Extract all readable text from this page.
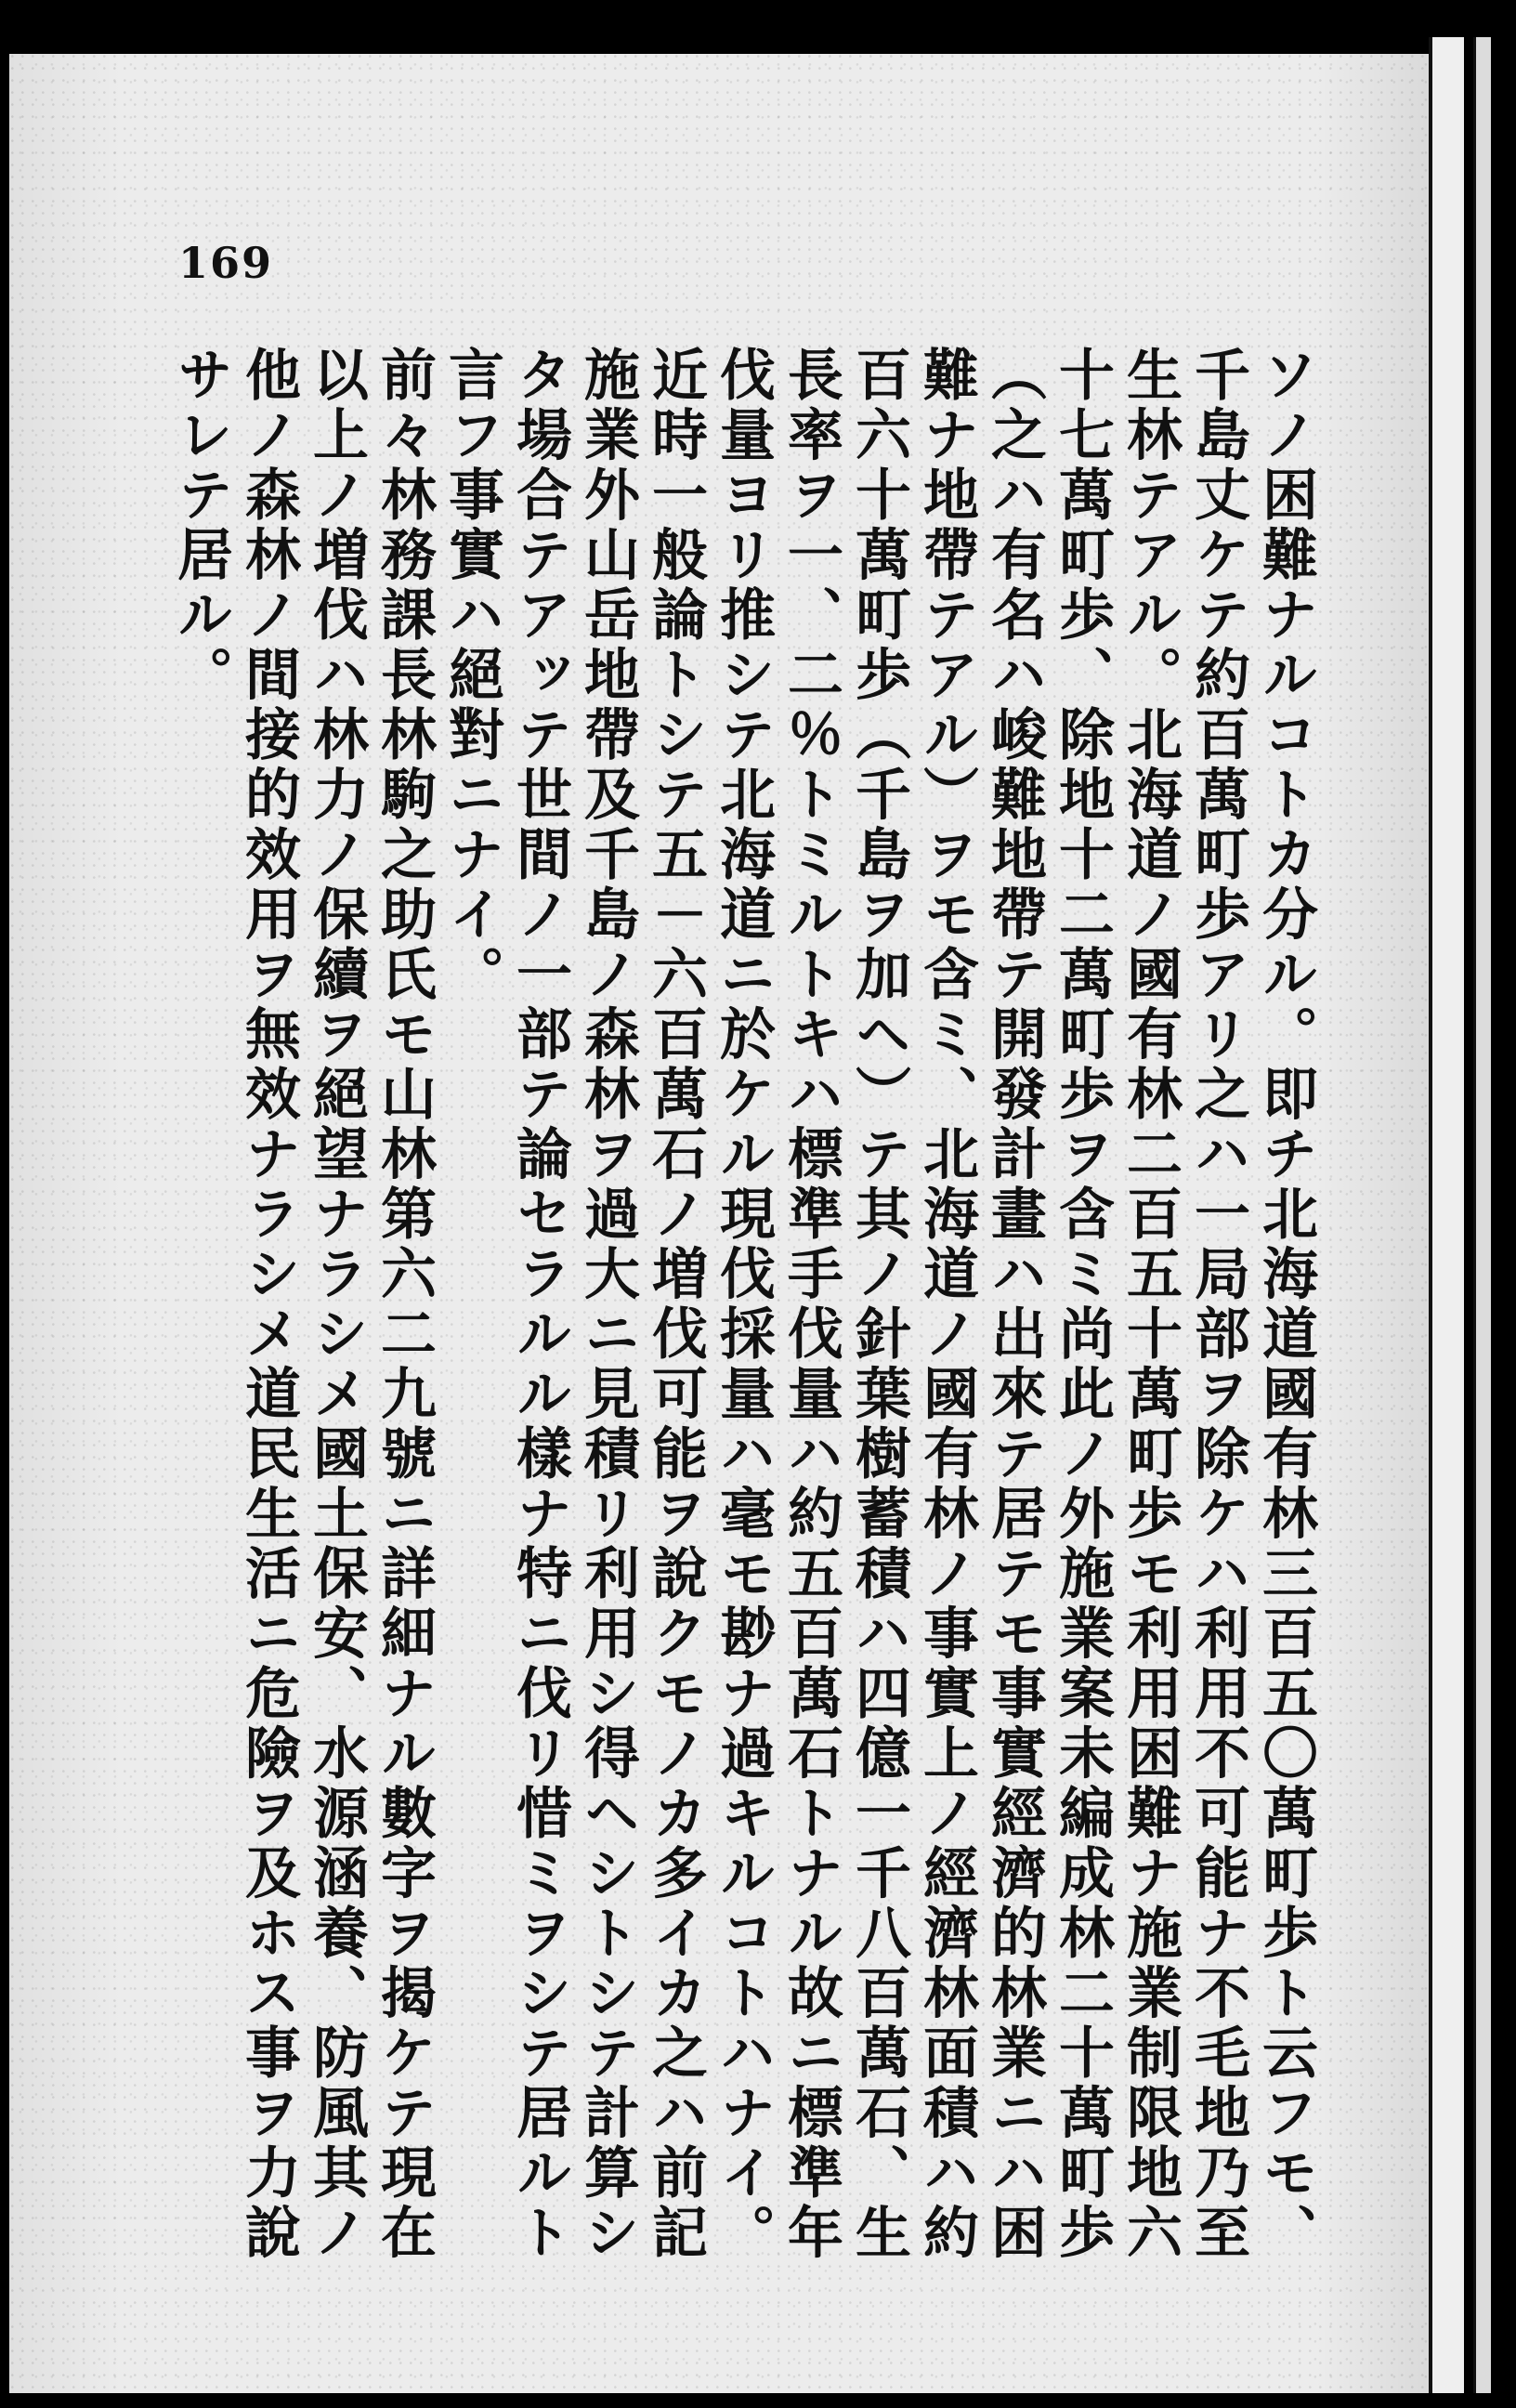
169
ソノ困難ナルコトカ分ル。即チ北海道國有林三百五〇萬町歩ト云フモ、
千島丈ケテ約百萬町歩アリ之ハ一局部ヲ除ケハ利用不可能ナ不毛地乃至
生林テアル。北海道ノ國有林二百五十萬町歩モ利用困難ナ施業制限地六
十七萬町歩、除地十二萬町歩ヲ含ミ尚此ノ外施業案未編成林二十萬町歩
（之ハ有名ハ峻難地帶テ開發計畫ハ出來テ居テモ事實經濟的林業ニハ困
難ナ地帶テアル）ヲモ含ミ、北海道ノ國有林ノ事實上ノ經濟林面積ハ約
百六十萬町歩（千島ヲ加ヘ）テ其ノ針葉樹蓄積ハ四億一千八百萬石、生
長率ヲ一、二％トミルトキハ標準手伐量ハ約五百萬石トナル故ニ標準年
伐量ヨリ推シテ北海道ニ於ケル現伐採量ハ毫モ尠ナ過キルコトハナイ。
近時一般論トシテ五－六百萬石ノ増伐可能ヲ說クモノカ多イカ之ハ前記
施業外山岳地帶及千島ノ森林ヲ過大ニ見積リ利用シ得ヘシトシテ計算シ
タ場合テアッテ世間ノ一部テ論セラルル樣ナ特ニ伐リ惜ミヲシテ居ルト
言フ事實ハ絕對ニナイ。
前々林務課長林駒之助氏モ山林第六二九號ニ詳細ナル數字ヲ揭ケテ現在
以上ノ増伐ハ林力ノ保續ヲ絕望ナラシメ國土保安、水源涵養、防風其ノ
他ノ森林ノ間接的效用ヲ無效ナラシメ道民生活ニ危險ヲ及ホス事ヲ力說
サレテ居ル。
